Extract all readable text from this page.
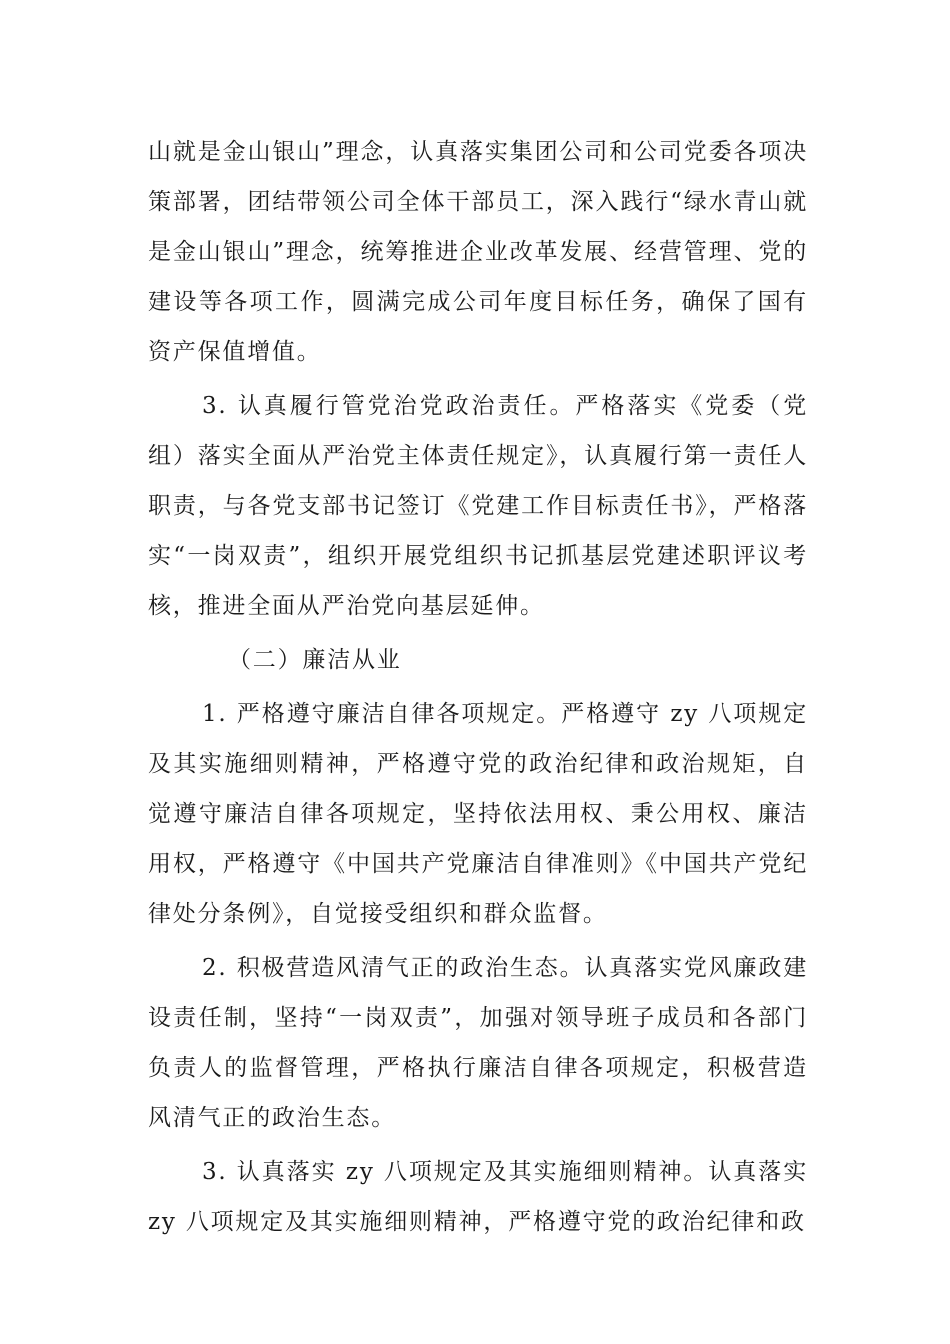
山就是金山银山”理念，认真落实集团公司和公司党委各项决策部署，团结带领公司全体干部员工，深入践行“绿水青山就是金山银山”理念，统筹推进企业改革发展、经营管理、党的建设等各项工作，圆满完成公司年度目标任务，确保了国有资产保值增值。

3. 认真履行管党治党政治责任。严格落实《党委（党组）落实全面从严治党主体责任规定》，认真履行第一责任人职责，与各党支部书记签订《党建工作目标责任书》，严格落实“一岗双责”，组织开展党组织书记抓基层党建述职评议考核，推进全面从严治党向基层延伸。

（二）廉洁从业

1. 严格遵守廉洁自律各项规定。严格遵守 zy 八项规定及其实施细则精神，严格遵守党的政治纪律和政治规矩，自觉遵守廉洁自律各项规定，坚持依法用权、秉公用权、廉洁用权，严格遵守《中国共产党廉洁自律准则》《中国共产党纪律处分条例》，自觉接受组织和群众监督。

2. 积极营造风清气正的政治生态。认真落实党风廉政建设责任制，坚持“一岗双责”，加强对领导班子成员和各部门负责人的监督管理，严格执行廉洁自律各项规定，积极营造风清气正的政治生态。

3. 认真落实 zy 八项规定及其实施细则精神。认真落实 zy 八项规定及其实施细则精神，严格遵守党的政治纪律和政
